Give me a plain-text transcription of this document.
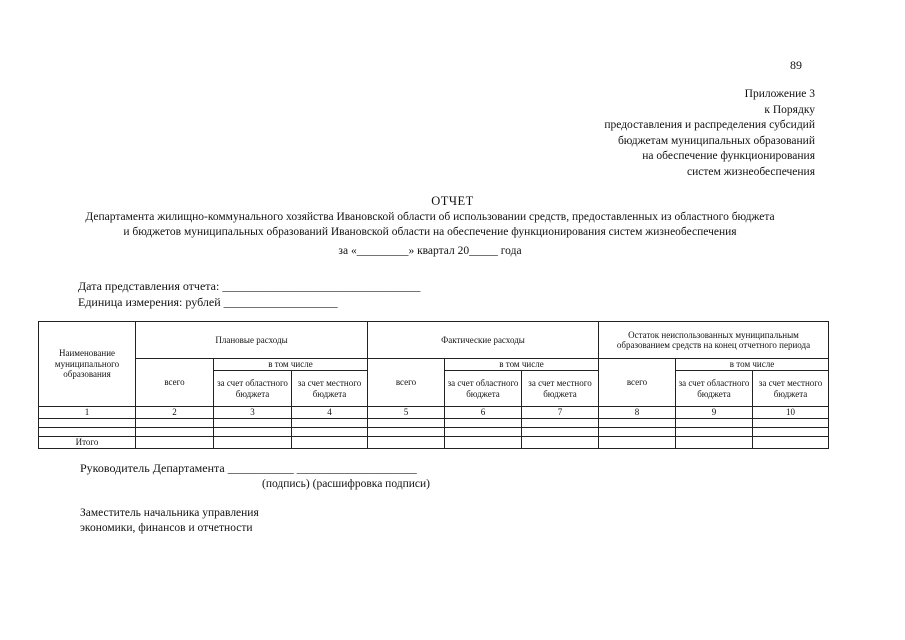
89
Приложение 3
к Порядку
предоставления и распределения субсидий
бюджетам муниципальных образований
на обеспечение функционирования
систем жизнеобеспечения
ОТЧЕТ
Департамента жилищно-коммунального хозяйства Ивановской области об использовании средств, предоставленных из областного бюджета
и бюджетов муниципальных образований Ивановской области на обеспечение функционирования систем жизнеобеспечения
за «_________» квартал 20_____ года
Дата представления отчета: _________________________________
Единица измерения: рублей ___________________
Наименование муниципального образования	Плановые расходы			Фактические расходы			Остаток неиспользованных муниципальным образованием средств на конец отчетного периода		
	всего	в том числе		всего	в том числе		всего	в том числе	
		за счет областного бюджета	за счет местного бюджета		за счет областного бюджета	за счет местного бюджета		за счет областного бюджета	за счет местного бюджета
1	2	3	4	5	6	7	8	9	10

Итого									
Руководитель Департамента ___________ ____________________
(подпись) (расшифровка подписи)
Заместитель начальника управления
экономики, финансов и отчетности
